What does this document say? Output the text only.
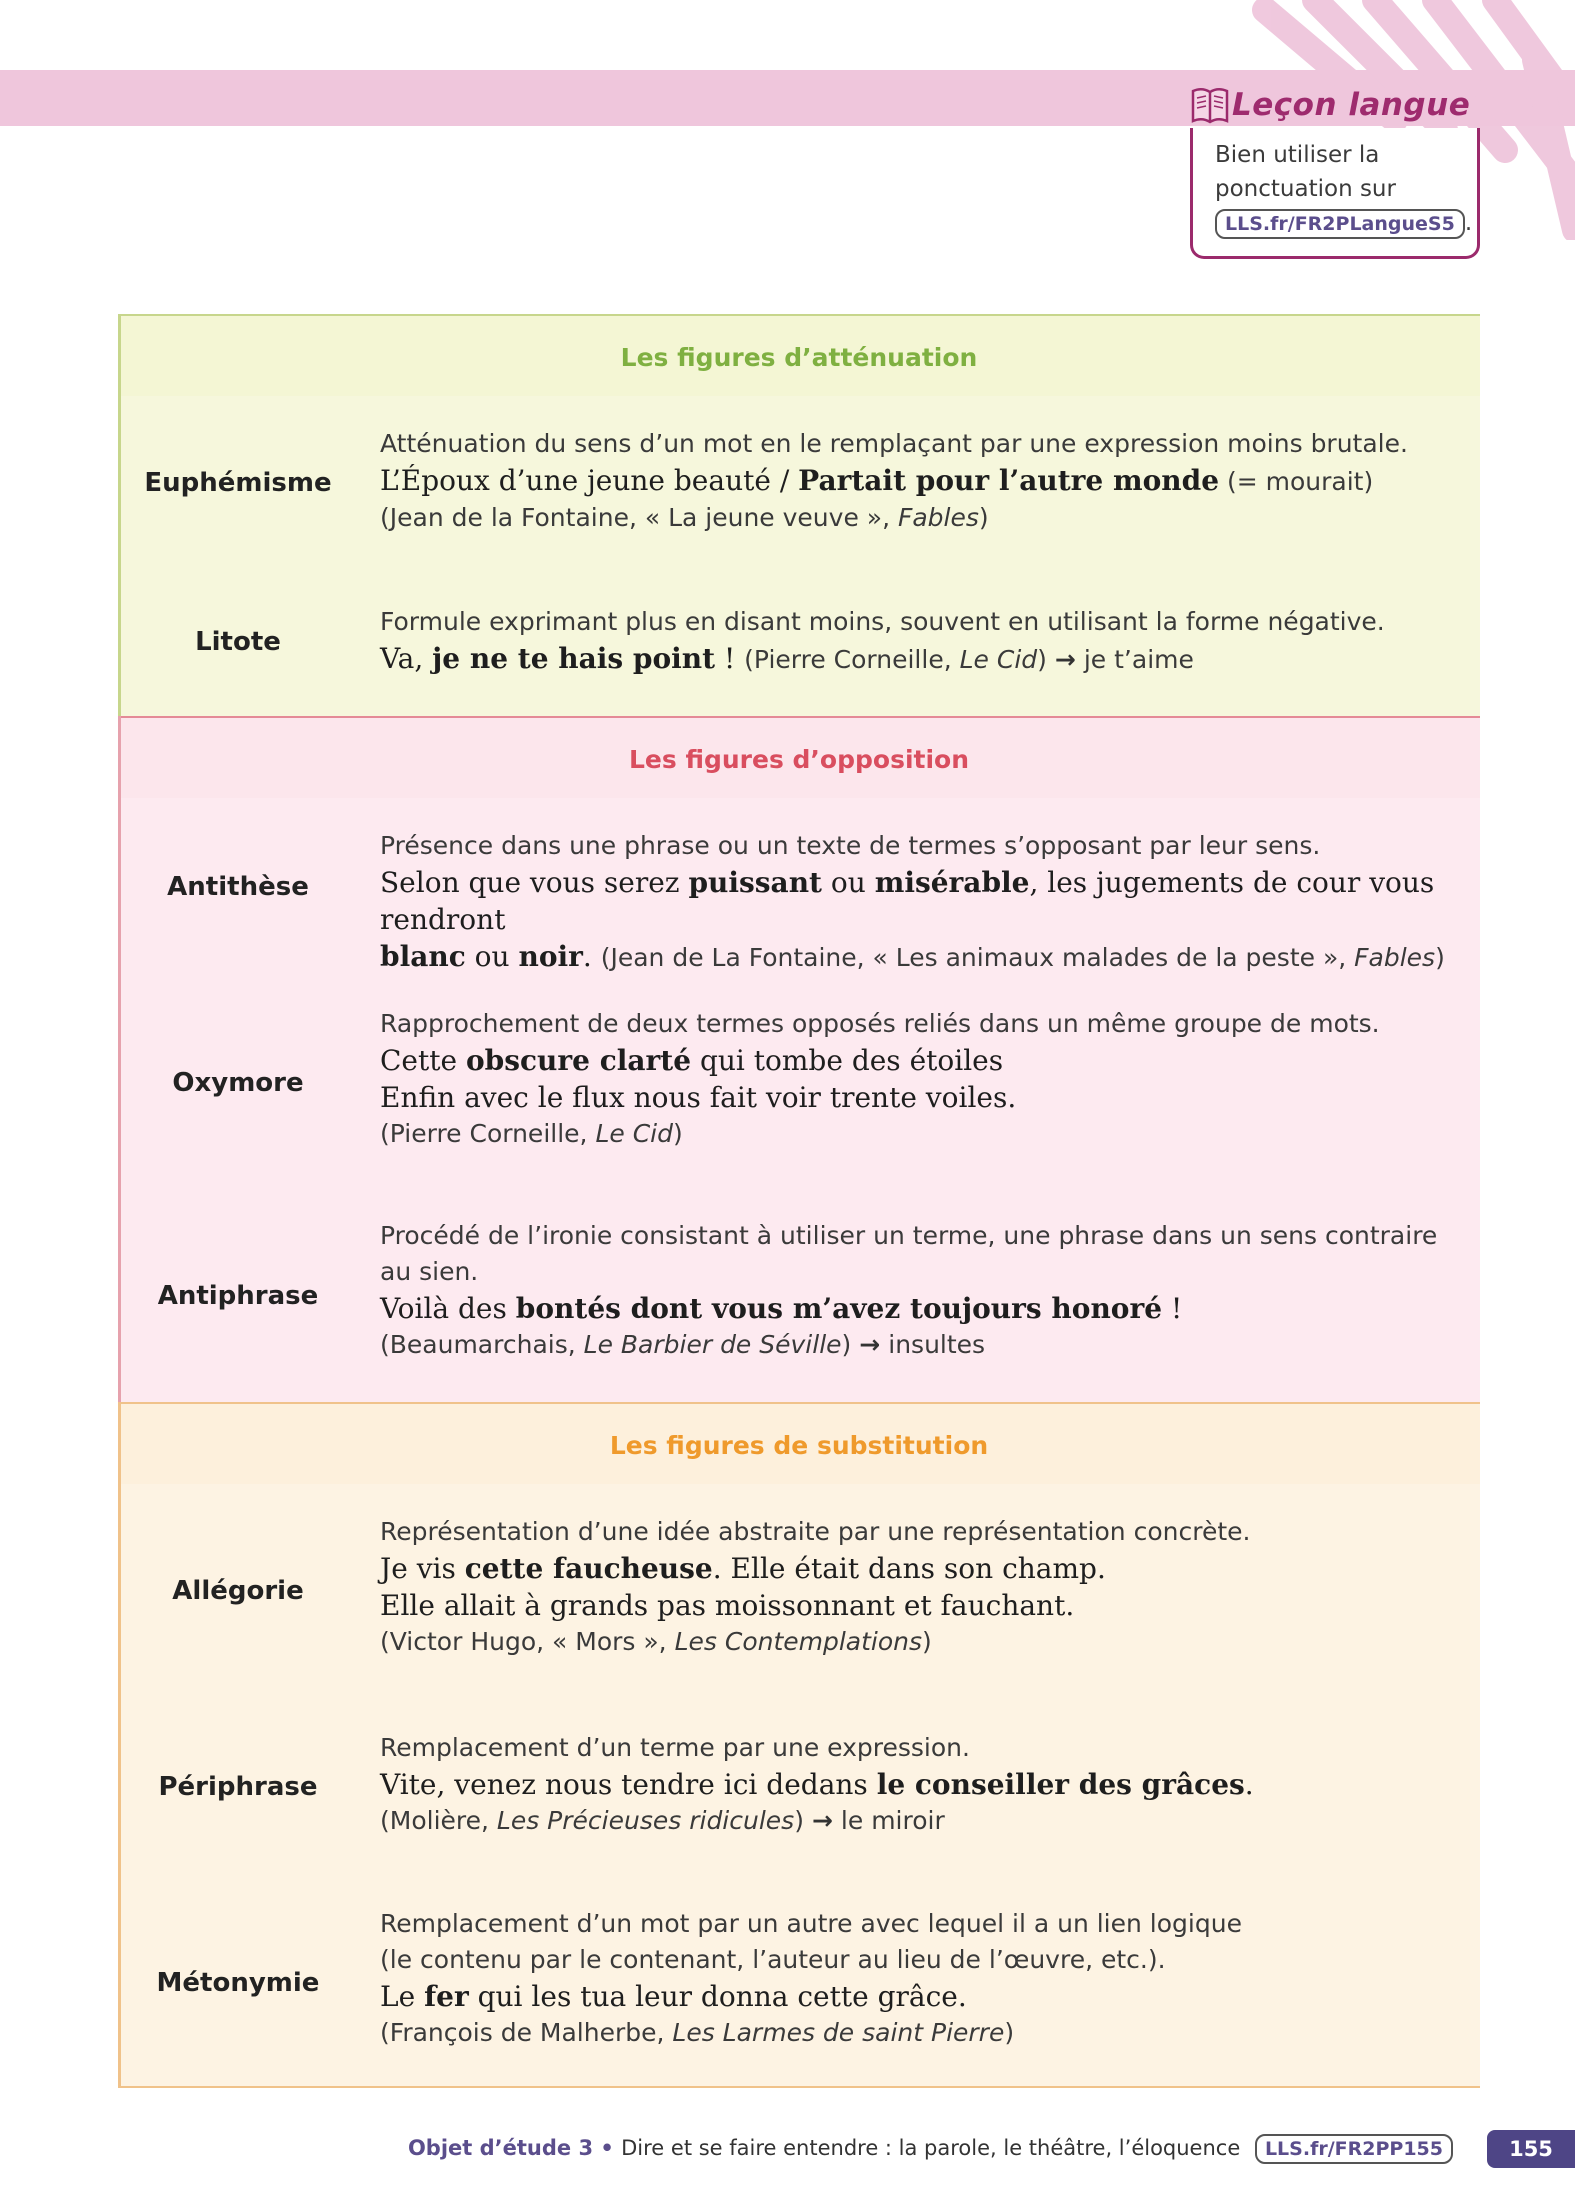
Leçon langue
Bien utiliser la
ponctuation sur
LLS.fr/FR2PLangueS5 .
Les figures d’atténuation
Euphémisme
Atténuation du sens d’un mot en le remplaçant par une expression moins brutale.
L’Époux d’une jeune beauté / Partait pour l’autre monde (= mourait)
(Jean de la Fontaine, « La jeune veuve », Fables)
Litote
Formule exprimant plus en disant moins, souvent en utilisant la forme négative.
Va, je ne te hais point ! (Pierre Corneille, Le Cid) → je t’aime
Les figures d’opposition
Antithèse
Présence dans une phrase ou un texte de termes s’opposant par leur sens.
Selon que vous serez puissant ou misérable, les jugements de cour vous rendront
blanc ou noir. (Jean de La Fontaine, « Les animaux malades de la peste », Fables)
Oxymore
Rapprochement de deux termes opposés reliés dans un même groupe de mots.
Cette obscure clarté qui tombe des étoiles
Enfin avec le flux nous fait voir trente voiles.
(Pierre Corneille, Le Cid)
Antiphrase
Procédé de l’ironie consistant à utiliser un terme, une phrase dans un sens contraire
au sien.
Voilà des bontés dont vous m’avez toujours honoré !
(Beaumarchais, Le Barbier de Séville) → insultes
Les figures de substitution
Allégorie
Représentation d’une idée abstraite par une représentation concrète.
Je vis cette faucheuse. Elle était dans son champ.
Elle allait à grands pas moissonnant et fauchant.
(Victor Hugo, « Mors », Les Contemplations)
Périphrase
Remplacement d’un terme par une expression.
Vite, venez nous tendre ici dedans le conseiller des grâces.
(Molière, Les Précieuses ridicules) → le miroir
Métonymie
Remplacement d’un mot par un autre avec lequel il a un lien logique
(le contenu par le contenant, l’auteur au lieu de l’œuvre, etc.).
Le fer qui les tua leur donna cette grâce.
(François de Malherbe, Les Larmes de saint Pierre)
Objet d’étude 3 • Dire et se faire entendre : la parole, le théâtre, l’éloquence LLS.fr/FR2PP155	155
